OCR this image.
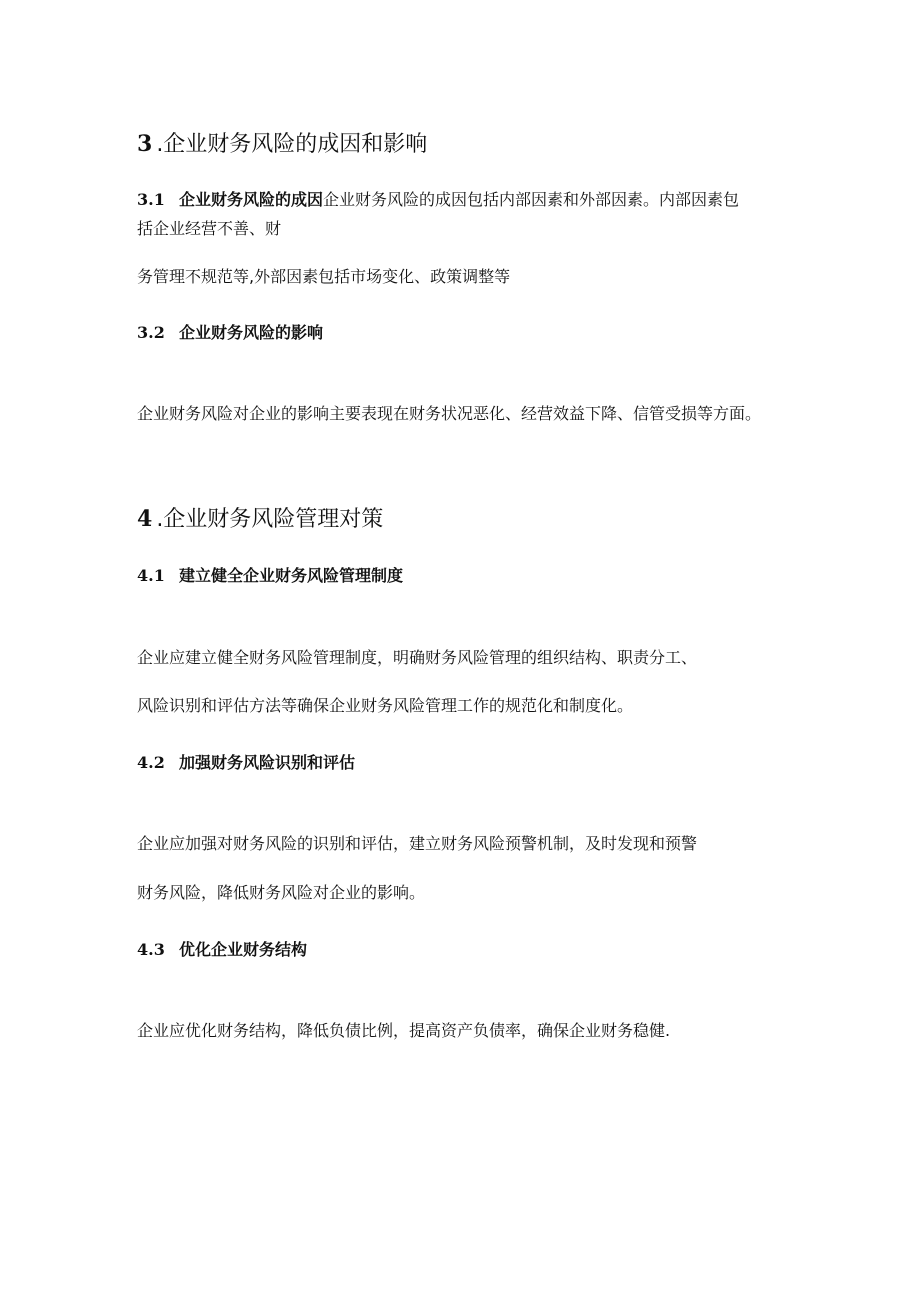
3 .企业财务风险的成因和影响
3.1 企业财务风险的成因企业财务风险的成因包括内部因素和外部因素。内部因素包
括企业经营不善、财
务管理不规范等,外部因素包括市场变化、政策调整等
3.2 企业财务风险的影响
企业财务风险对企业的影响主要表现在财务状况恶化、经营效益下降、信管受损等方面。
4 .企业财务风险管理对策
4.1 建立健全企业财务风险管理制度
企业应建立健全财务风险管理制度，明确财务风险管理的组织结构、职责分工、
风险识别和评估方法等确保企业财务风险管理工作的规范化和制度化。
4.2 加强财务风险识别和评估
企业应加强对财务风险的识别和评估，建立财务风险预警机制，及时发现和预警
财务风险，降低财务风险对企业的影响。
4.3 优化企业财务结构
企业应优化财务结构，降低负债比例，提高资产负债率，确保企业财务稳健.
